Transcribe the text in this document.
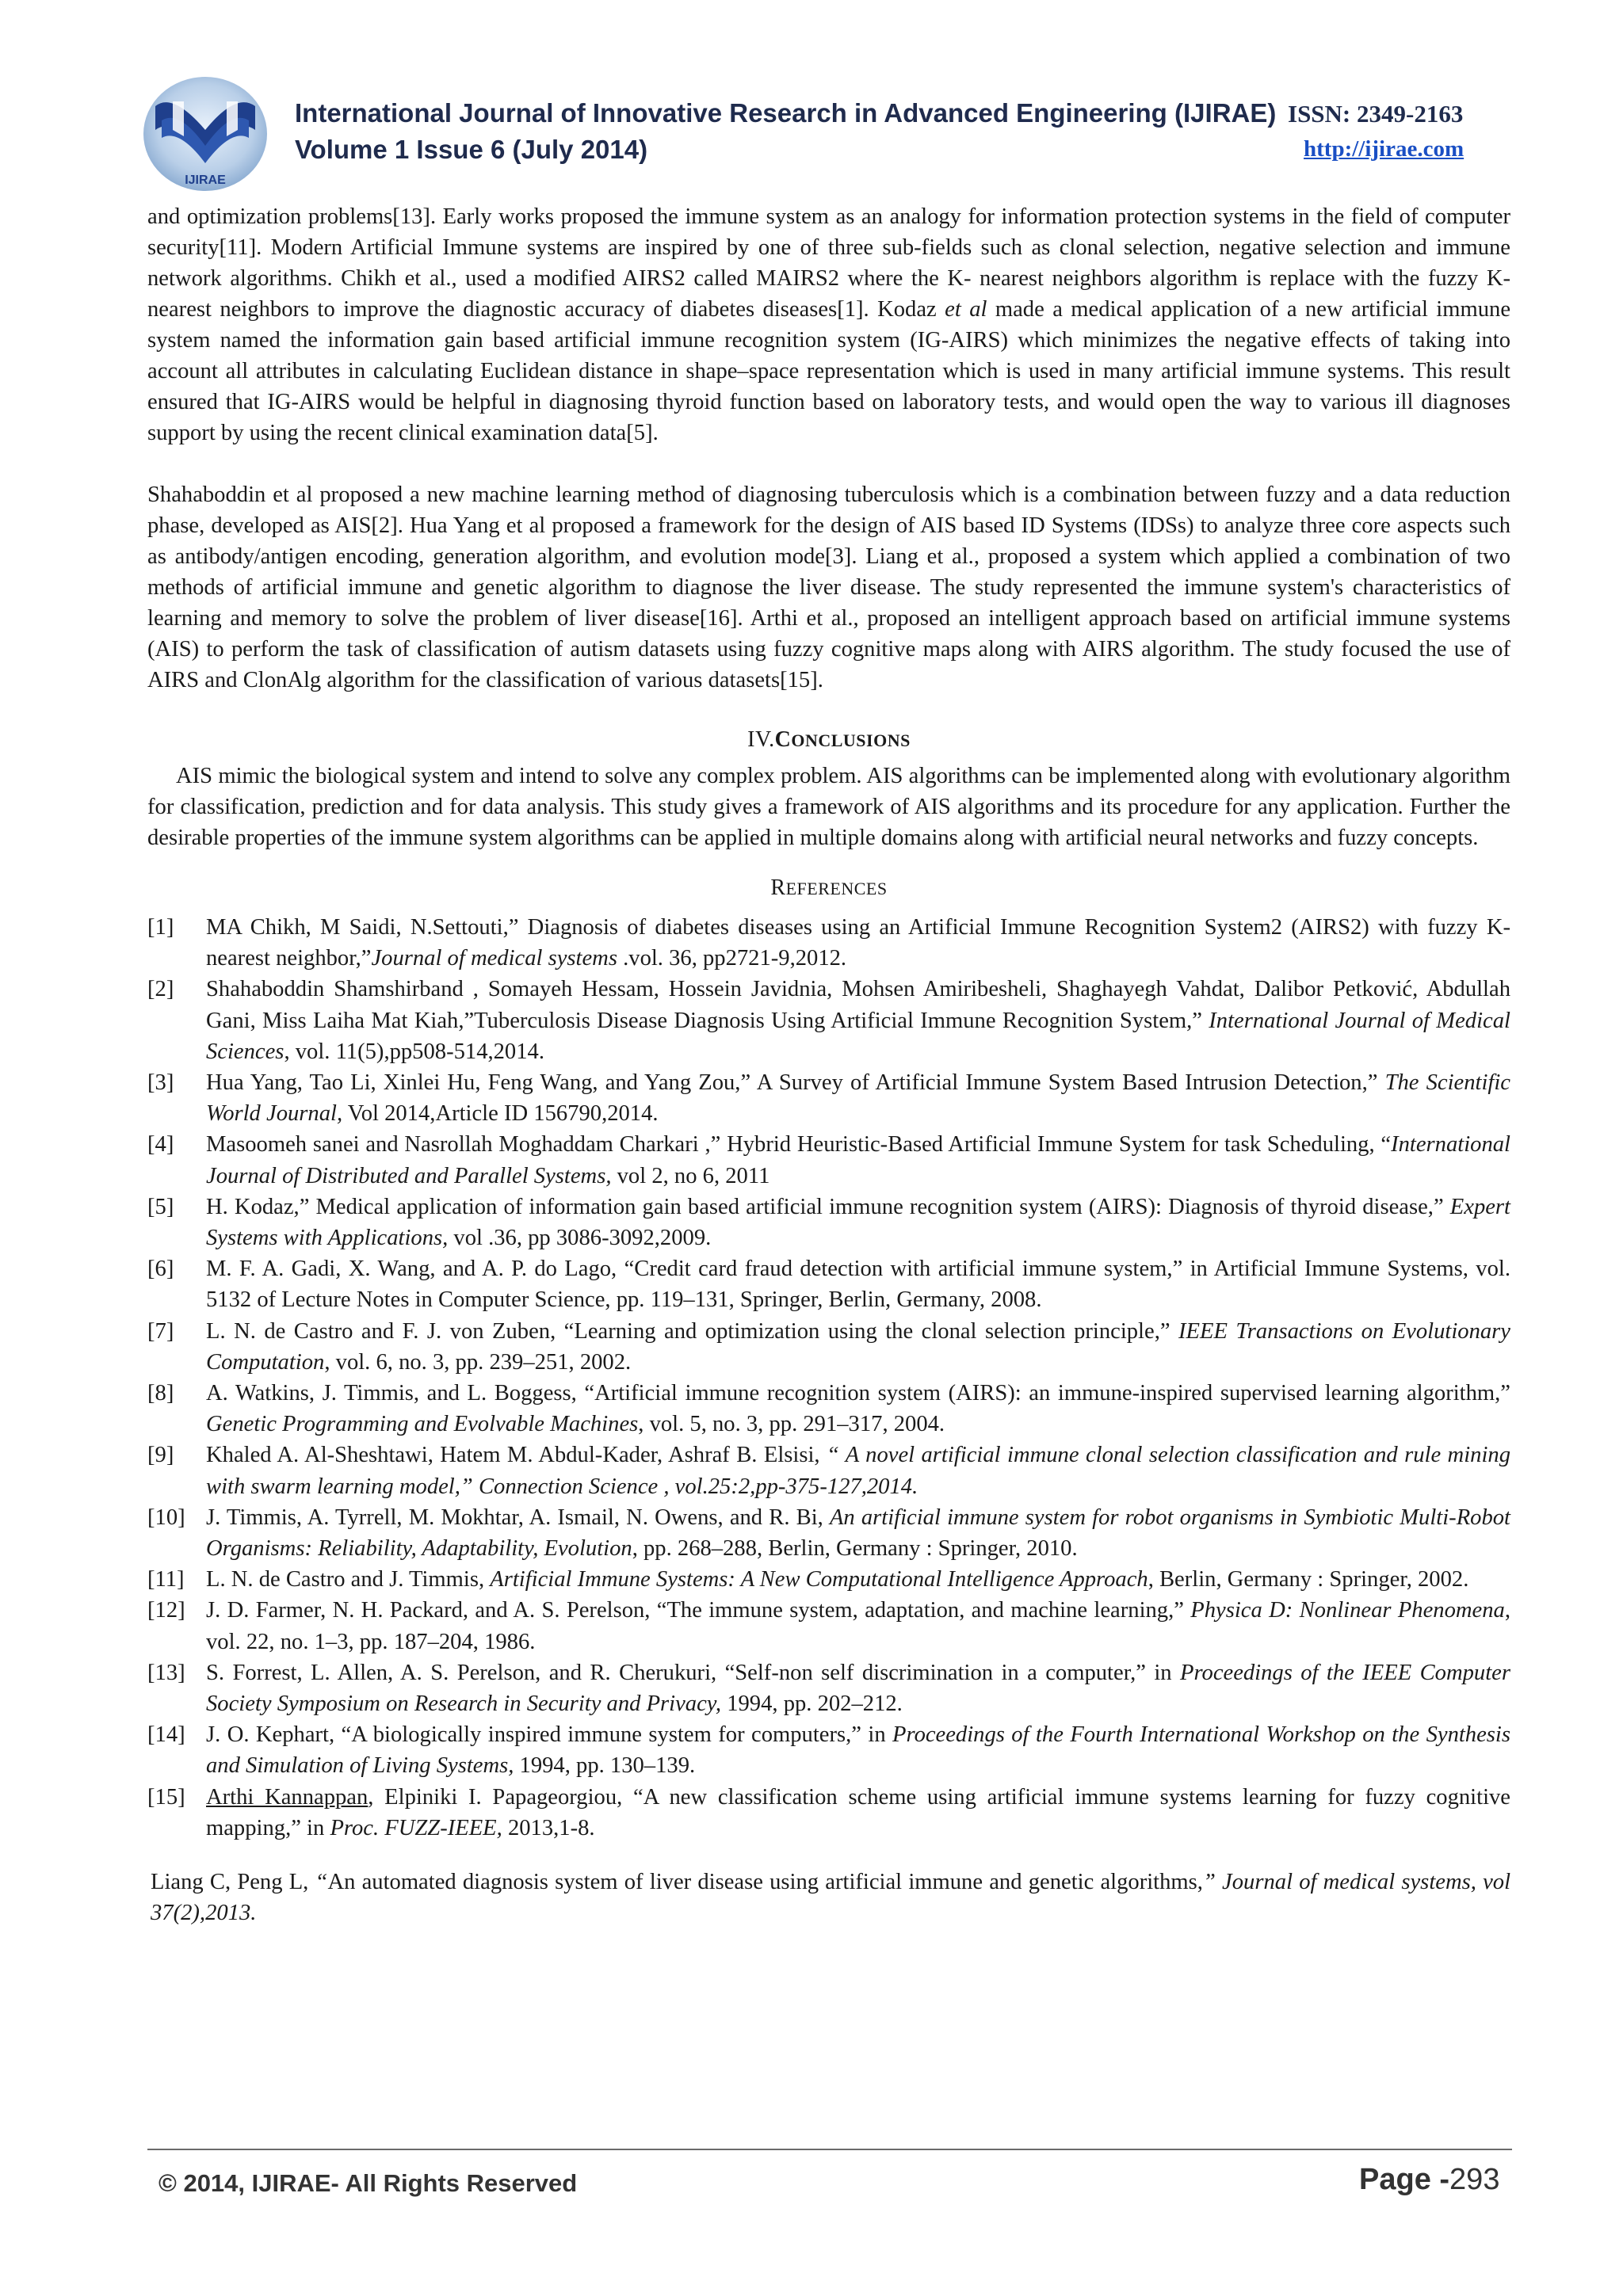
IJIRAE
International Journal of Innovative Research in Advanced Engineering (IJIRAE) ISSN: 2349-2163
Volume 1 Issue 6 (July 2014)	http://ijirae.com

and optimization problems[13]. Early works proposed the immune system as an analogy for information protection systems in the field of computer security[11]. Modern Artificial Immune systems are inspired by one of three sub-fields such as clonal selection, negative selection and immune network algorithms. Chikh et al., used a modified AIRS2 called MAIRS2 where the K- nearest neighbors algorithm is replace with the fuzzy K-nearest neighbors to improve the diagnostic accuracy of diabetes diseases[1]. Kodaz et al made a medical application of a new artificial immune system named the information gain based artificial immune recognition system (IG-AIRS) which minimizes the negative effects of taking into account all attributes in calculating Euclidean distance in shape–space representation which is used in many artificial immune systems. This result ensured that IG-AIRS would be helpful in diagnosing thyroid function based on laboratory tests, and would open the way to various ill diagnoses support by using the recent clinical examination data[5].

Shahaboddin et al proposed a new machine learning method of diagnosing tuberculosis which is a combination between fuzzy and a data reduction phase, developed as AIS[2]. Hua Yang et al proposed a framework for the design of AIS based ID Systems (IDSs) to analyze three core aspects such as antibody/antigen encoding, generation algorithm, and evolution mode[3]. Liang et al., proposed a system which applied a combination of two methods of artificial immune and genetic algorithm to diagnose the liver disease. The study represented the immune system's characteristics of learning and memory to solve the problem of liver disease[16]. Arthi et al., proposed an intelligent approach based on artificial immune systems (AIS) to perform the task of classification of autism datasets using fuzzy cognitive maps along with AIRS algorithm. The study focused the use of AIRS and ClonAlg algorithm for the classification of various datasets[15].

IV.CONCLUSIONS

AIS mimic the biological system and intend to solve any complex problem. AIS algorithms can be implemented along with evolutionary algorithm for classification, prediction and for data analysis. This study gives a framework of AIS algorithms and its procedure for any application. Further the desirable properties of the immune system algorithms can be applied in multiple domains along with artificial neural networks and fuzzy concepts.

REFERENCES
[1]	MA Chikh, M Saidi, N.Settouti,” Diagnosis of diabetes diseases using an Artificial Immune Recognition System2 (AIRS2) with fuzzy K-nearest neighbor,”Journal of medical systems .vol. 36, pp2721-9,2012.
[2]	Shahaboddin Shamshirband , Somayeh Hessam, Hossein Javidnia, Mohsen Amiribesheli, Shaghayegh Vahdat, Dalibor Petković, Abdullah Gani, Miss Laiha Mat Kiah,”Tuberculosis Disease Diagnosis Using Artificial Immune Recognition System,” International Journal of Medical Sciences, vol. 11(5),pp508-514,2014.
[3]	Hua Yang, Tao Li, Xinlei Hu, Feng Wang, and Yang Zou,” A Survey of Artificial Immune System Based Intrusion Detection,” The Scientific World Journal, Vol 2014,Article ID 156790,2014.
[4]	Masoomeh sanei and Nasrollah Moghaddam Charkari ,” Hybrid Heuristic-Based Artificial Immune System for task Scheduling, “International Journal of Distributed and Parallel Systems, vol 2, no 6, 2011
[5]	H. Kodaz,” Medical application of information gain based artificial immune recognition system (AIRS): Diagnosis of thyroid disease,” Expert Systems with Applications, vol .36, pp 3086-3092,2009.
[6]	M. F. A. Gadi, X. Wang, and A. P. do Lago, “Credit card fraud detection with artificial immune system,” in Artificial Immune Systems, vol. 5132 of Lecture Notes in Computer Science, pp. 119–131, Springer, Berlin, Germany, 2008.
[7]	L. N. de Castro and F. J. von Zuben, “Learning and optimization using the clonal selection principle,” IEEE Transactions on Evolutionary Computation, vol. 6, no. 3, pp. 239–251, 2002.
[8]	A. Watkins, J. Timmis, and L. Boggess, “Artificial immune recognition system (AIRS): an immune-inspired supervised learning algorithm,” Genetic Programming and Evolvable Machines, vol. 5, no. 3, pp. 291–317, 2004.
[9]	Khaled A. Al-Sheshtawi, Hatem M. Abdul-Kader, Ashraf B. Elsisi, “ A novel artificial immune clonal selection classification and rule mining with swarm learning model,” Connection Science , vol.25:2,pp-375-127,2014.
[10] J. Timmis, A. Tyrrell, M. Mokhtar, A. Ismail, N. Owens, and R. Bi, An artificial immune system for robot organisms in Symbiotic Multi-Robot Organisms: Reliability, Adaptability, Evolution, pp. 268–288, Berlin, Germany : Springer, 2010.
[11] L. N. de Castro and J. Timmis, Artificial Immune Systems: A New Computational Intelligence Approach, Berlin, Germany : Springer, 2002.
[12] J. D. Farmer, N. H. Packard, and A. S. Perelson, “The immune system, adaptation, and machine learning,” Physica D: Nonlinear Phenomena, vol. 22, no. 1–3, pp. 187–204, 1986.
[13] S. Forrest, L. Allen, A. S. Perelson, and R. Cherukuri, “Self-non self discrimination in a computer,” in Proceedings of the IEEE Computer Society Symposium on Research in Security and Privacy, 1994, pp. 202–212.
[14] J. O. Kephart, “A biologically inspired immune system for computers,” in Proceedings of the Fourth International Workshop on the Synthesis and Simulation of Living Systems, 1994, pp. 130–139.
[15] Arthi Kannappan, Elpiniki I. Papageorgiou, “A new classification scheme using artificial immune systems learning for fuzzy cognitive mapping,” in Proc. FUZZ-IEEE, 2013,1-8.

Liang C, Peng L, “An automated diagnosis system of liver disease using artificial immune and genetic algorithms,” Journal of medical systems, vol 37(2),2013.

© 2014, IJIRAE- All Rights Reserved	Page -293
